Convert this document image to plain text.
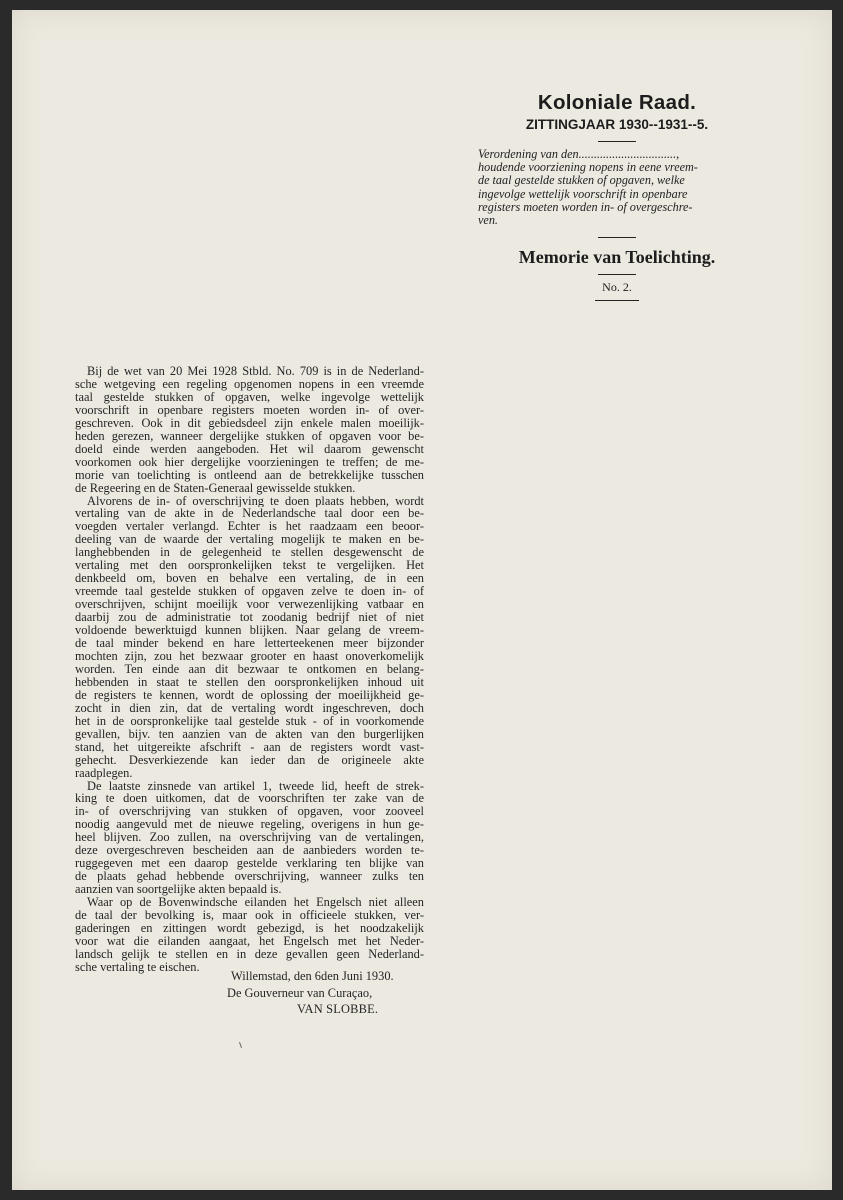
Koloniale Raad.

ZITTINGJAAR 1930--1931--5.

Verordening van den................................,
houdende voorziening nopens in eene vreem-
de taal gestelde stukken of opgaven, welke
ingevolge wettelijk voorschrift in openbare
registers moeten worden in- of overgeschre-
ven.

Memorie van Toelichting.

No. 2.

Bij de wet van 20 Mei 1928 Stbld. No. 709 is in de Nederland-
sche wetgeving een regeling opgenomen nopens in een vreemde
taal gestelde stukken of opgaven, welke ingevolge wettelijk
voorschrift in openbare registers moeten worden in- of over-
geschreven. Ook in dit gebiedsdeel zijn enkele malen moeilijk-
heden gerezen, wanneer dergelijke stukken of opgaven voor be-
doeld einde werden aangeboden. Het wil daarom gewenscht
voorkomen ook hier dergelijke voorzieningen te treffen; de me-
morie van toelichting is ontleend aan de betrekkelijke tusschen
de Regeering en de Staten-Generaal gewisselde stukken.
Alvorens de in- of overschrijving te doen plaats hebben, wordt
vertaling van de akte in de Nederlandsche taal door een be-
voegden vertaler verlangd. Echter is het raadzaam een beoor-
deeling van de waarde der vertaling mogelijk te maken en be-
langhebbenden in de gelegenheid te stellen desgewenscht de
vertaling met den oorspronkelijken tekst te vergelijken. Het
denkbeeld om, boven en behalve een vertaling, de in een
vreemde taal gestelde stukken of opgaven zelve te doen in- of
overschrijven, schijnt moeilijk voor verwezenlijking vatbaar en
daarbij zou de administratie tot zoodanig bedrijf niet of niet
voldoende bewerktuigd kunnen blijken. Naar gelang de vreem-
de taal minder bekend en hare letterteekenen meer bijzonder
mochten zijn, zou het bezwaar grooter en haast onoverkomelijk
worden. Ten einde aan dit bezwaar te ontkomen en belang-
hebbenden in staat te stellen den oorspronkelijken inhoud uit
de registers te kennen, wordt de oplossing der moeilijkheid ge-
zocht in dien zin, dat de vertaling wordt ingeschreven, doch
het in de oorspronkelijke taal gestelde stuk - of in voorkomende
gevallen, bijv. ten aanzien van de akten van den burgerlijken
stand, het uitgereikte afschrift - aan de registers wordt vast-
gehecht. Desverkiezende kan ieder dan de origineele akte
raadplegen.
De laatste zinsnede van artikel 1, tweede lid, heeft de strek-
king te doen uitkomen, dat de voorschriften ter zake van de
in- of overschrijving van stukken of opgaven, voor zooveel
noodig aangevuld met de nieuwe regeling, overigens in hun ge-
heel blijven. Zoo zullen, na overschrijving van de vertalingen,
deze overgeschreven bescheiden aan de aanbieders worden te-
ruggegeven met een daarop gestelde verklaring ten blijke van
de plaats gehad hebbende overschrijving, wanneer zulks ten
aanzien van soortgelijke akten bepaald is.
Waar op de Bovenwindsche eilanden het Engelsch niet alleen
de taal der bevolking is, maar ook in officieele stukken, ver-
gaderingen en zittingen wordt gebezigd, is het noodzakelijk
voor wat die eilanden aangaat, het Engelsch met het Neder-
landsch gelijk te stellen en in deze gevallen geen Nederland-
sche vertaling te eischen.

Willemstad, den 6den Juni 1930.

De Gouverneur van Curaçao,

VAN SLOBBE.
